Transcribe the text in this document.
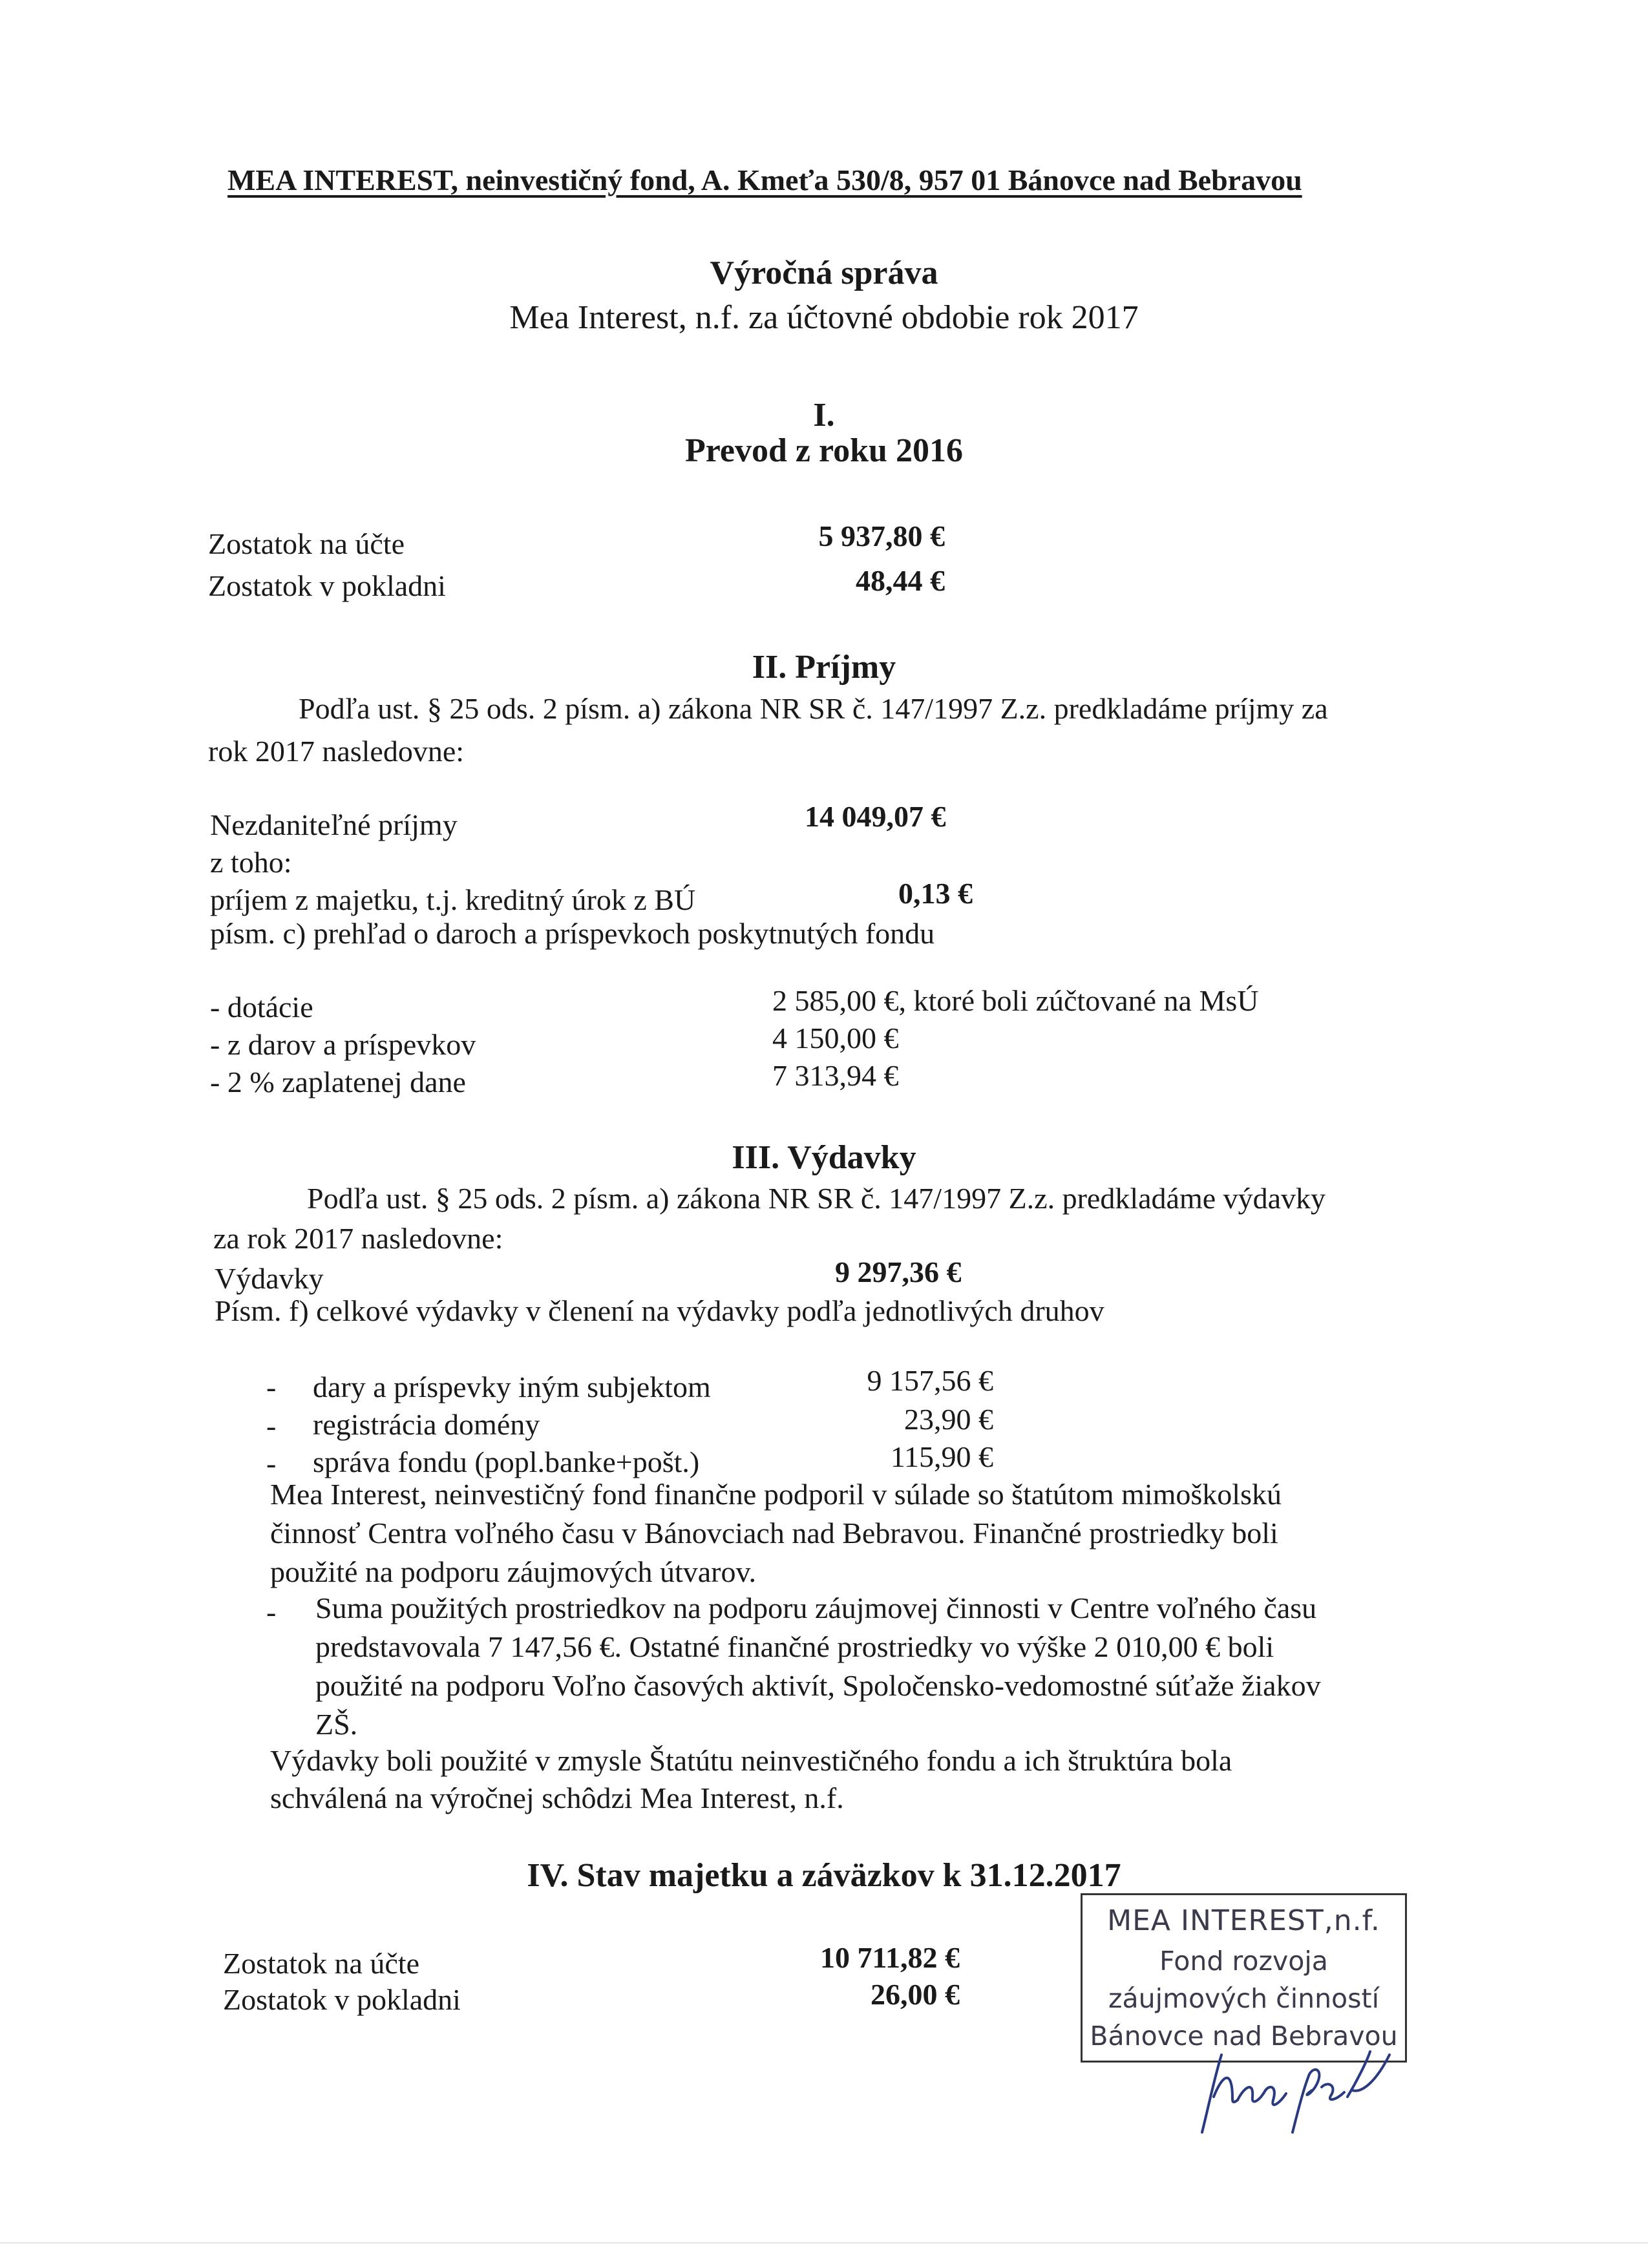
MEA INTEREST, neinvestičný fond, A. Kmeťa 530/8, 957 01 Bánovce nad Bebravou
Výročná správa
Mea Interest, n.f. za účtovné obdobie rok 2017
I.
Prevod z roku 2016
Zostatok na účte	5 937,80 €
Zostatok v pokladni	48,44 €
II. Príjmy
Podľa ust. § 25 ods. 2 písm. a) zákona NR SR č. 147/1997 Z.z. predkladáme príjmy za
rok 2017 nasledovne:
Nezdaniteľné príjmy	14 049,07 €
z toho:
príjem z majetku, t.j. kreditný úrok z BÚ	0,13 €
písm. c) prehľad o daroch a príspevkoch poskytnutých fondu
- dotácie	2 585,00 €, ktoré boli zúčtované na MsÚ
- z darov a príspevkov	4 150,00 €
- 2 % zaplatenej dane	7 313,94 €
III. Výdavky
Podľa ust. § 25 ods. 2 písm. a) zákona NR SR č. 147/1997 Z.z. predkladáme výdavky
za rok 2017 nasledovne:
Výdavky	9 297,36 €
Písm. f) celkové výdavky v členení na výdavky podľa jednotlivých druhov
- dary a príspevky iným subjektom	9 157,56 €
- registrácia domény	23,90 €
- správa fondu (popl.banke+pošt.)	115,90 €
Mea Interest, neinvestičný fond finančne podporil v súlade so štatútom mimoškolskú
činnosť Centra voľného času v Bánovciach nad Bebravou. Finančné prostriedky boli
použité na podporu záujmových útvarov.
- Suma použitých prostriedkov na podporu záujmovej činnosti v Centre voľného času
predstavovala 7 147,56 €. Ostatné finančné prostriedky vo výške 2 010,00 € boli
použité na podporu Voľno časových aktivít, Spoločensko-vedomostné súťaže žiakov
ZŠ.
Výdavky boli použité v zmysle Štatútu neinvestičného fondu a ich štruktúra bola
schválená na výročnej schôdzi Mea Interest, n.f.
IV. Stav majetku a záväzkov k 31.12.2017
Zostatok na účte	10 711,82 €
Zostatok v pokladni	26,00 €
MEA INTEREST,n.f.
Fond rozvoja
záujmových činností
Bánovce nad Bebravou
